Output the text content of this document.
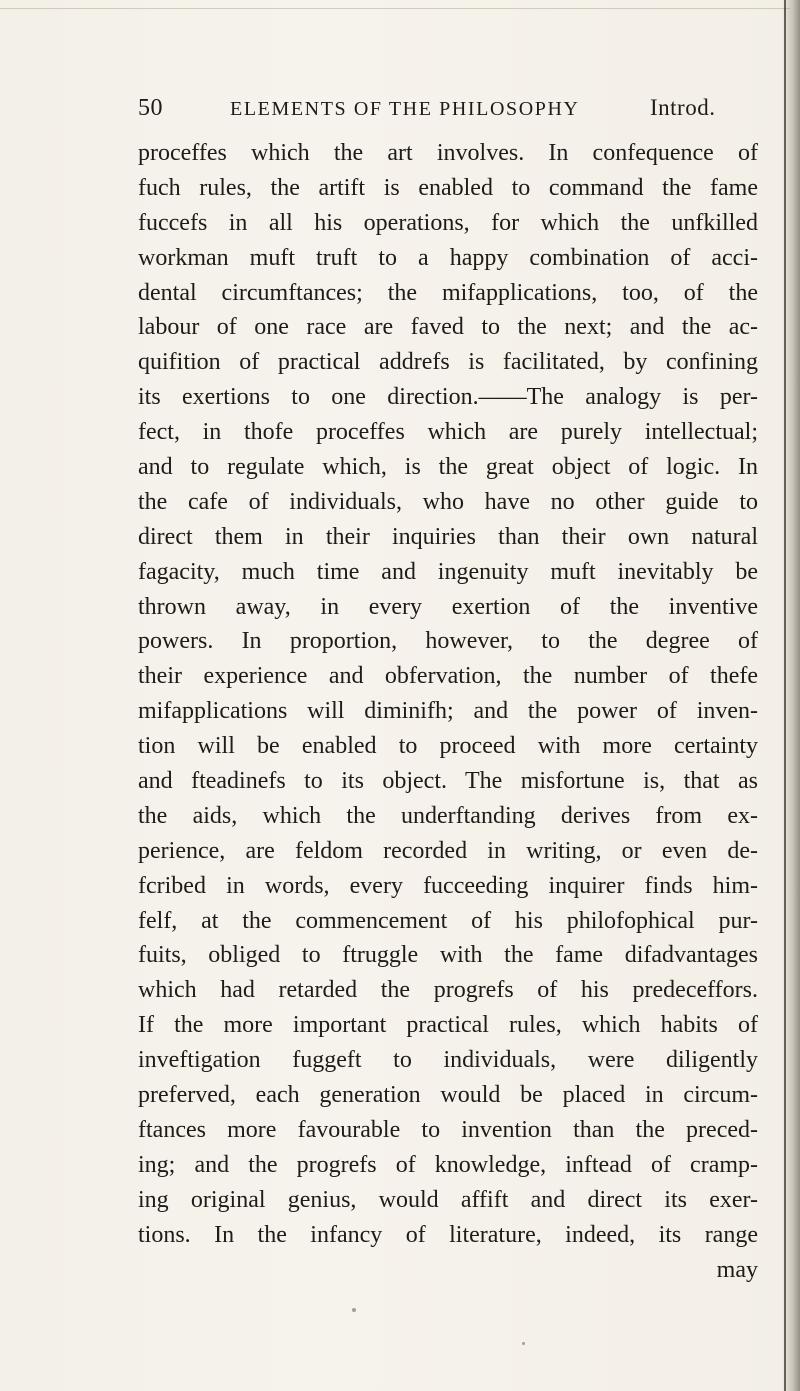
50	ELEMENTS OF THE PHILOSOPHY	Introd.
proceffes which the art involves. In confequence of
fuch rules, the artift is enabled to command the fame
fuccefs in all his operations, for which the unfkilled
workman muft truft to a happy combination of acci-
dental circumftances; the mifapplications, too, of the
labour of one race are faved to the next; and the ac-
quifition of practical addrefs is facilitated, by confining
its exertions to one direction.——The analogy is per-
fect, in thofe proceffes which are purely intellectual;
and to regulate which, is the great object of logic. In
the cafe of individuals, who have no other guide to
direct them in their inquiries than their own natural
fagacity, much time and ingenuity muft inevitably be
thrown away, in every exertion of the inventive
powers. In proportion, however, to the degree of
their experience and obfervation, the number of thefe
mifapplications will diminifh; and the power of inven-
tion will be enabled to proceed with more certainty
and fteadinefs to its object. The misfortune is, that as
the aids, which the underftanding derives from ex-
perience, are feldom recorded in writing, or even de-
fcribed in words, every fucceeding inquirer finds him-
felf, at the commencement of his philofophical pur-
fuits, obliged to ftruggle with the fame difadvantages
which had retarded the progrefs of his predeceffors.
If the more important practical rules, which habits of
inveftigation fuggeft to individuals, were diligently
preferved, each generation would be placed in circum-
ftances more favourable to invention than the preced-
ing; and the progrefs of knowledge, inftead of cramp-
ing original genius, would affift and direct its exer-
tions. In the infancy of literature, indeed, its range
may
